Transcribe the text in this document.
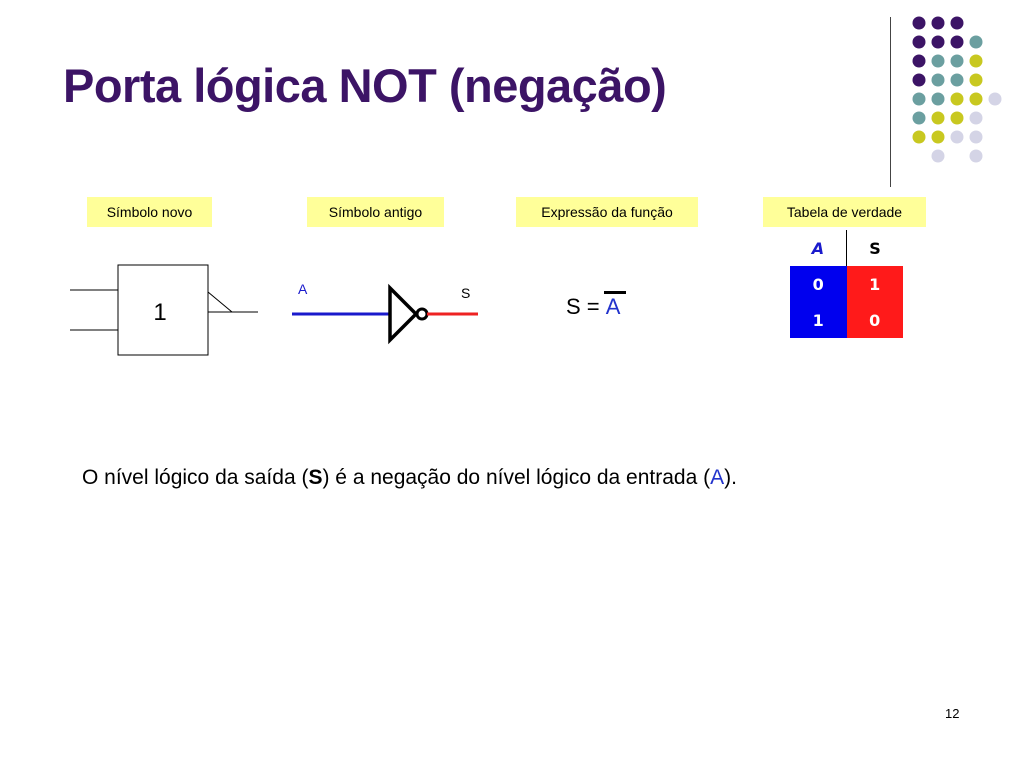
Porta lógica NOT (negação)
Símbolo novo	Símbolo antigo	Expressão da função	Tabela de verdade
1
A	S
S = A
A	S
0	1
1	0
O nível lógico da saída (S) é a negação do nível lógico da entrada (A).
12
